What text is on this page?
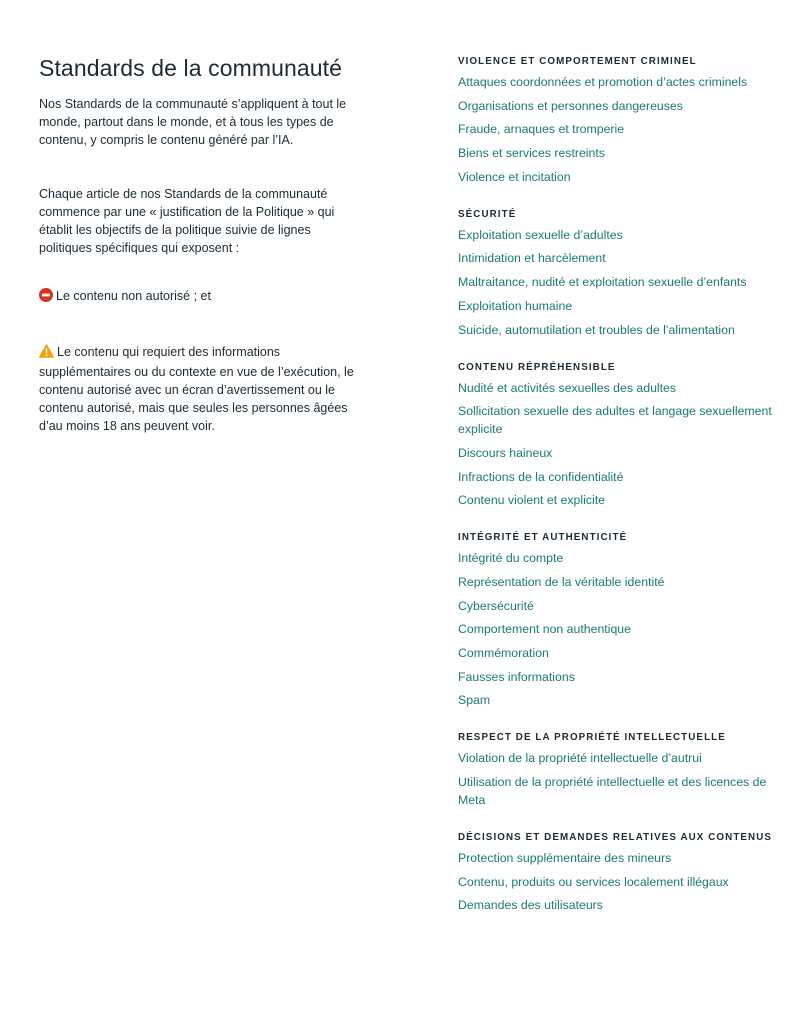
Standards de la communauté

Nos Standards de la communauté s’appliquent à tout le monde, partout dans le monde, et à tous les types de contenu, y compris le contenu généré par l’IA.

Chaque article de nos Standards de la communauté commence par une « justification de la Politique » qui établit les objectifs de la politique suivie de lignes politiques spécifiques qui exposent :

Le contenu non autorisé ; et

Le contenu qui requiert des informations supplémentaires ou du contexte en vue de l’exécution, le contenu autorisé avec un écran d’avertissement ou le contenu autorisé, mais que seules les personnes âgées d’au moins 18 ans peuvent voir.

VIOLENCE ET COMPORTEMENT CRIMINEL
Attaques coordonnées et promotion d’actes criminels
Organisations et personnes dangereuses
Fraude, arnaques et tromperie
Biens et services restreints
Violence et incitation
SÉCURITÉ
Exploitation sexuelle d’adultes
Intimidation et harcèlement
Maltraitance, nudité et exploitation sexuelle d’enfants
Exploitation humaine
Suicide, automutilation et troubles de l’alimentation
CONTENU RÉPRÉHENSIBLE
Nudité et activités sexuelles des adultes
Sollicitation sexuelle des adultes et langage sexuellement explicite
Discours haineux
Infractions de la confidentialité
Contenu violent et explicite
INTÉGRITÉ ET AUTHENTICITÉ
Intégrité du compte
Représentation de la véritable identité
Cybersécurité
Comportement non authentique
Commémoration
Fausses informations
Spam
RESPECT DE LA PROPRIÉTÉ INTELLECTUELLE
Violation de la propriété intellectuelle d’autrui
Utilisation de la propriété intellectuelle et des licences de Meta
DÉCISIONS ET DEMANDES RELATIVES AUX CONTENUS
Protection supplémentaire des mineurs
Contenu, produits ou services localement illégaux
Demandes des utilisateurs
